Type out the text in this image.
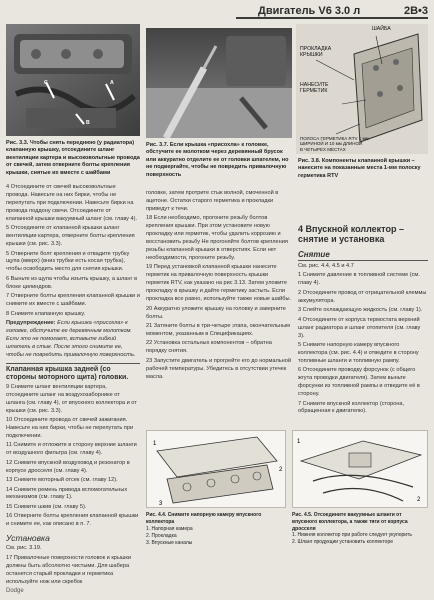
Двигатель V6 3.0 л	2В•3
C	A
B
ПРОКЛАДКА
КРЫШКИ
ШАЙБА
НАНЕСИТЕ
ГЕРМЕТИК
ПОЛОСА ГЕРМЕТИКА RTV 1 мм
ШИРИНОЙ И 10 мм ДЛИНОЙ
В ЧЕТЫРЕХ МЕСТАХ
Рис. 3.3. Чтобы снять переднюю (у радиатора) клапанную крышку, отсоедините шланг вентиляции картера и высоковольтные провода от свечей, затем отверните болты крепления крышки, снятые их вместе с шайбами
Рис. 3.7. Если крышка «присохла» к головке, обстучите ее молотком через деревянный брусок или аккуратно отделите ее от головки шпателем, но не подвергайте, чтобы не повредить привалочную поверхность
Рис. 3.8. Компоненты клапанной крышки – нанесите на показанные места 1-мм полоску герметика RTV

4 Отсоедините от свечей высоковольтные провода. Навесьте на них бирки, чтобы не перепутать при подключении. Навесьте бирки на провода поддону свечи. Отсоедините от клапанной крышки вакуумный шланг (см. главу 4).

5 Отсоедините от клапанной крышки шланг вентиляции картера, отверните болты крепления крышки (см. рис. 3.3).

5 Отверните болт крепления и отвадите трубку щупа (вверх) (вниз трубки есть косая трубка), чтобы освободить место для снятия крышки.

6 Выньте из щупа чтобы изъять крышку, а шланг в блоке цилиндров.

7 Отверните болты крепления клапанной крышки и снимите их вместе с шайбами.

8 Снимите клапанную крышку.

Предупреждение: Если крышка «присохла» к головке, обстучите ее деревянным молотком. Если это не помогает, вставьте гибкий шпатель в стык. После этого снимите ее, чтобы не повредить привалочную поверхность.

Клапанная крышка задней (со стороны моторного щита) головки.

9 Снимите шланг вентиляции картера, отсоедините шланг на воздухозаборнике от шланга (см. главу 4), от впускного коллектора и от крышки (см. рис. 3.3).

10 Отсоедините провода от свечей зажигания. Навесьте на них бирки, чтобы не перепутать при подключении.

11 Снимите и отложите в сторону верхние шланги от воздушного фильтра (см. главу 4).

12 Снимите впускной воздуховод и резонатор в корпусе дросселя (см. главу 4).

13 Снимите моторный отсек (см. главу 12).

14 Снимите ремень привода вспомогательных механизмов (см. главу 1).

15 Снимите шкив (см. главу 5).

16 Отверните болты крепления клапанной крышки и снимите ее, как описано в п. 7.

Установка

См. рис. 3.19.

17 Привалочные поверхности головок и крышки должны быть абсолютно чистыми. Для шабера останется старый прокладки и герметика используйте нож или скребок

головке, затем протрите стык волной, смоченной в ацетоне. Остатки старого герметика и прокладки приведут к течи.

18 Если необходимо, прогоните резьбу болтов крепления крышки. При этом установите новую прокладку или герметик, чтобы удалить коррозию и восстановить резьбу Не прогоняйте болтов крепления резьбы клапанной крышки в отверстиях. Если нет необходимости, прогоните резьбу.

19 Перед установкой клапанной крышки нанесите герметик на привалочную поверхность крышки герметик RTV, как указано на рис 3.13. Затем уложите прокладку в крышку и дайте герметику застыть. Если прокладка все равно, используйте также новые шайбы.

20 Аккуратно уложите крышку на головку и заверните болты.

21 Затяните болты в три-четыре этапа, окончательным моментом, указанным в Спецификациях.

22 Установка остальных компонентов – обратна порядку снятия.

23 Запустите двигатель и прогрейте его до нормальной рабочей температуры. Убедитесь в отсутствии утечек масла.

4 Впускной коллектор – снятие и установка
Снятие

См. рис. 4.4, 4.5 и 4.7

1 Снимите давление в топливной системе (см. главу 4).

2 Отсоедините провод от отрицательной клеммы аккумулятора.

3 Слейте охлаждающую жидкость (см. главу 1).

4 Отсоедините от корпуса термостата верхний шланг радиатора и шланг отопителя (см. главу 3).

5 Снимите напорную камеру впускного коллектора (см. рис. 4.4) и отведите в сторону топливные шланги и топливную рампу.

6 Отсоедините проводку форсунок (с общего жгута проводки двигателя). Затем выньте форсунки из топливной рампы и отведите её в сторону.

7 Снимите впускной коллектор (сторона, обращенная к двигателю).

1
2
3
Рис. 4.4. Снимите напорную камеру впускного коллектора
1. Напорная камера
2. Прокладка
3. Впускные каналы
1
2
Рис. 4.5. Отсоедините вакуумные шланги от впускного коллектора, а также тяги от корпуса дросселя
1. Нижняя коллектор при работе следует укупорить
2. Шланг продукции установить коллекторе
Dodge
